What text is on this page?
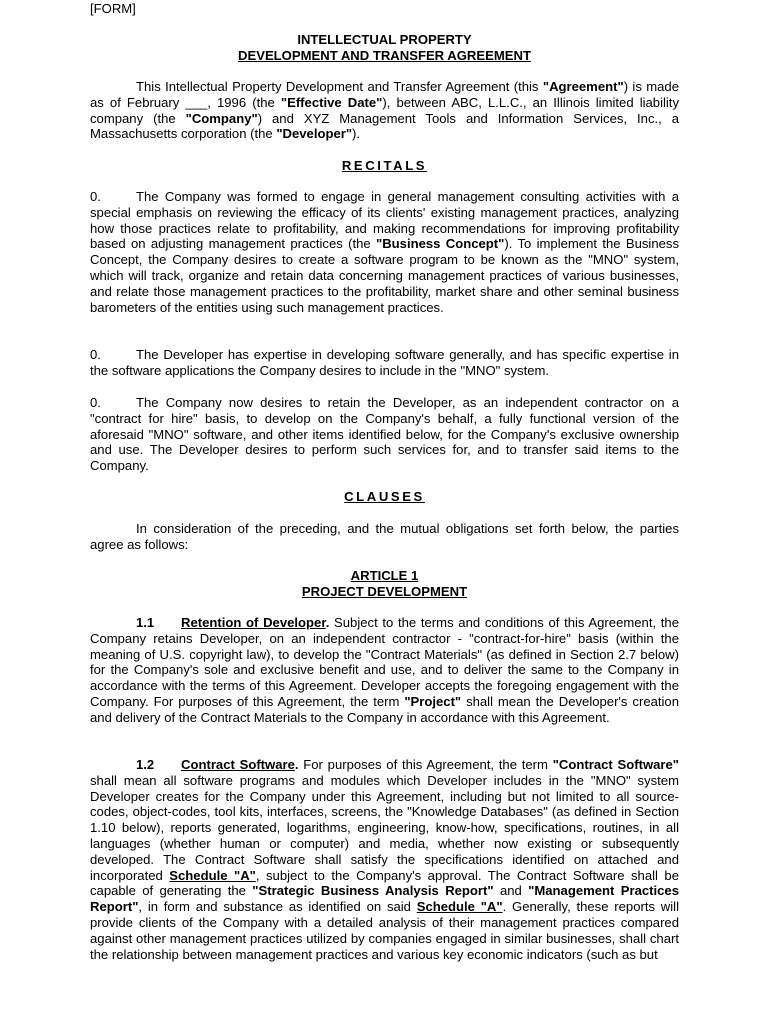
[FORM]
INTELLECTUAL PROPERTY
DEVELOPMENT AND TRANSFER AGREEMENT

This Intellectual Property Development and Transfer Agreement (this "Agreement") is made as of February ___, 1996 (the "Effective Date"), between ABC, L.L.C., an Illinois limited liability company (the "Company") and XYZ Management Tools and Information Services, Inc., a Massachusetts corporation (the "Developer").

RECITALS

0.	The Company was formed to engage in general management consulting activities with a special emphasis on reviewing the efficacy of its clients' existing management practices, analyzing how those practices relate to profitability, and making recommendations for improving profitability based on adjusting management practices (the "Business Concept"). To implement the Business Concept, the Company desires to create a software program to be known as the "MNO" system, which will track, organize and retain data concerning management practices of various businesses, and relate those management practices to the profitability, market share and other seminal business barometers of the entities using such management practices.

0.	The Developer has expertise in developing software generally, and has specific expertise in the software applications the Company desires to include in the "MNO" system.

0.	The Company now desires to retain the Developer, as an independent contractor on a "contract for hire" basis, to develop on the Company's behalf, a fully functional version of the aforesaid "MNO" software, and other items identified below, for the Company's exclusive ownership and use. The Developer desires to perform such services for, and to transfer said items to the Company.

CLAUSES

In consideration of the preceding, and the mutual obligations set forth below, the parties agree as follows:

ARTICLE 1
PROJECT DEVELOPMENT

1.1 Retention of Developer. Subject to the terms and conditions of this Agreement, the Company retains Developer, on an independent contractor - "contract-for-hire" basis (within the meaning of U.S. copyright law), to develop the "Contract Materials" (as defined in Section 2.7 below) for the Company's sole and exclusive benefit and use, and to deliver the same to the Company in accordance with the terms of this Agreement. Developer accepts the foregoing engagement with the Company. For purposes of this Agreement, the term "Project" shall mean the Developer's creation and delivery of the Contract Materials to the Company in accordance with this Agreement.

1.2 Contract Software. For purposes of this Agreement, the term "Contract Software" shall mean all software programs and modules which Developer includes in the "MNO" system Developer creates for the Company under this Agreement, including but not limited to all source-codes, object-codes, tool kits, interfaces, screens, the "Knowledge Databases" (as defined in Section 1.10 below), reports generated, logarithms, engineering, know-how, specifications, routines, in all languages (whether human or computer) and media, whether now existing or subsequently developed. The Contract Software shall satisfy the specifications identified on attached and incorporated Schedule "A", subject to the Company's approval. The Contract Software shall be capable of generating the "Strategic Business Analysis Report" and "Management Practices Report", in form and substance as identified on said Schedule "A". Generally, these reports will provide clients of the Company with a detailed analysis of their management practices compared against other management practices utilized by companies engaged in similar businesses, shall chart the relationship between management practices and various key economic indicators (such as but
